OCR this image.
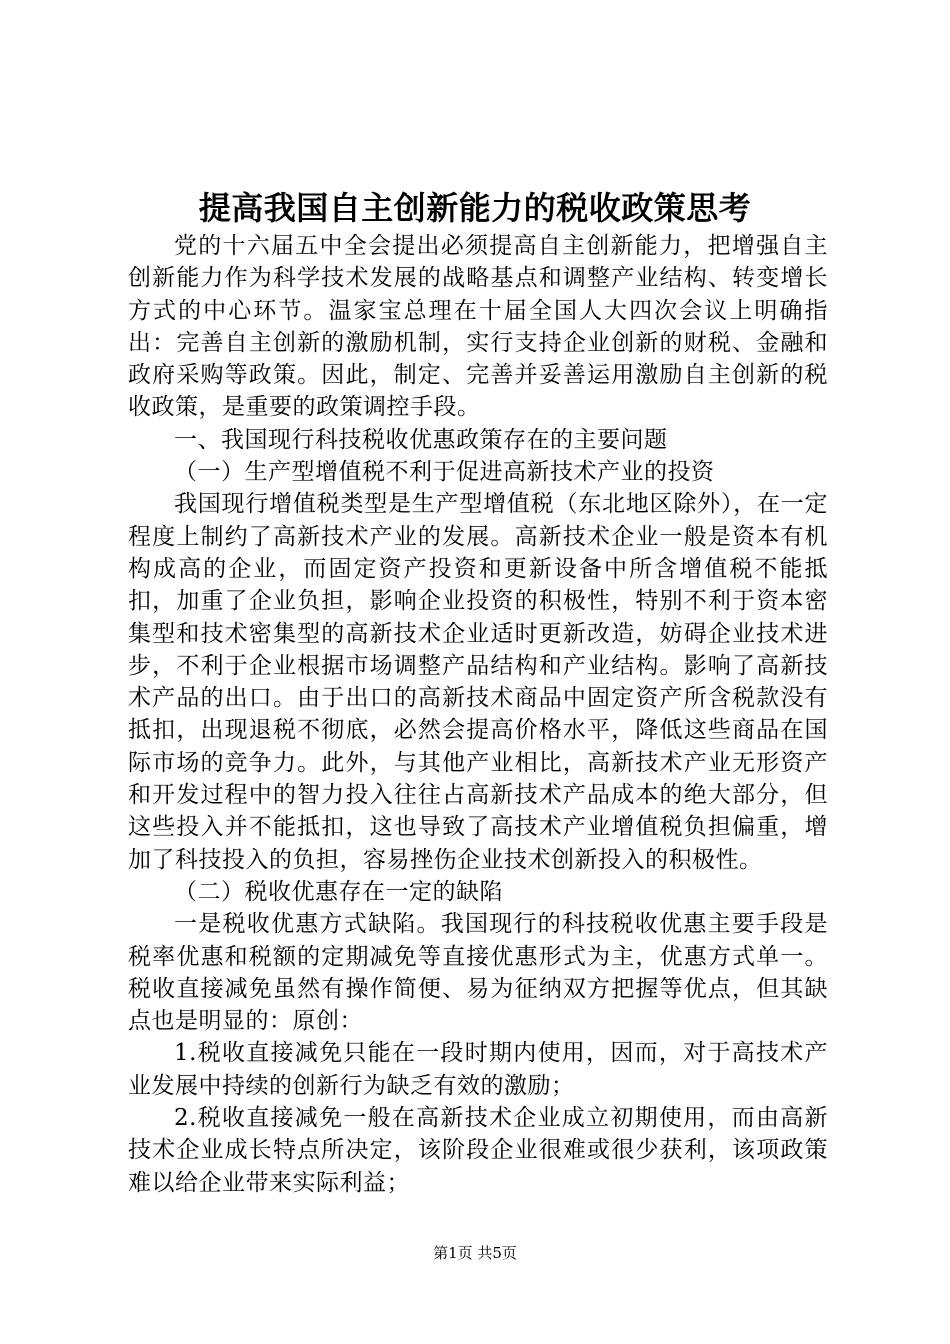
提高我国自主创新能力的税收政策思考

党的十六届五中全会提出必须提高自主创新能力，把增强自主创新能力作为科学技术发展的战略基点和调整产业结构、转变增长方式的中心环节。温家宝总理在十届全国人大四次会议上明确指出：完善自主创新的激励机制，实行支持企业创新的财税、金融和政府采购等政策。因此，制定、完善并妥善运用激励自主创新的税收政策，是重要的政策调控手段。

一、我国现行科技税收优惠政策存在的主要问题

（一）生产型增值税不利于促进高新技术产业的投资

我国现行增值税类型是生产型增值税（东北地区除外），在一定程度上制约了高新技术产业的发展。高新技术企业一般是资本有机构成高的企业，而固定资产投资和更新设备中所含增值税不能抵扣，加重了企业负担，影响企业投资的积极性，特别不利于资本密集型和技术密集型的高新技术企业适时更新改造，妨碍企业技术进步，不利于企业根据市场调整产品结构和产业结构。影响了高新技术产品的出口。由于出口的高新技术商品中固定资产所含税款没有抵扣，出现退税不彻底，必然会提高价格水平，降低这些商品在国际市场的竞争力。此外，与其他产业相比，高新技术产业无形资产和开发过程中的智力投入往往占高新技术产品成本的绝大部分，但这些投入并不能抵扣，这也导致了高技术产业增值税负担偏重，增加了科技投入的负担，容易挫伤企业技术创新投入的积极性。

（二）税收优惠存在一定的缺陷

一是税收优惠方式缺陷。我国现行的科技税收优惠主要手段是税率优惠和税额的定期减免等直接优惠形式为主，优惠方式单一。税收直接减免虽然有操作简便、易为征纳双方把握等优点，但其缺点也是明显的：原创：

1.税收直接减免只能在一段时期内使用，因而，对于高技术产业发展中持续的创新行为缺乏有效的激励；

2.税收直接减免一般在高新技术企业成立初期使用，而由高新技术企业成长特点所决定，该阶段企业很难或很少获利，该项政策难以给企业带来实际利益；

第1页 共5页
